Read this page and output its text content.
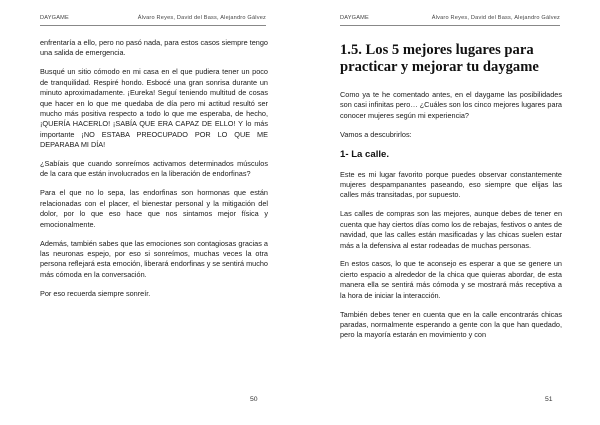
DAYGAME	Álvaro Reyes, David del Bass, Alejandro Gálvez

enfrentaría a ello, pero no pasó nada, para estos casos siempre tengo una salida de emergencia.

Busqué un sitio cómodo en mi casa en el que pudiera tener un poco de tranquilidad. Respiré hondo. Esbocé una gran sonrisa durante un minuto aproximadamente. ¡Eureka! Seguí teniendo multitud de cosas que hacer en lo que me quedaba de día pero mi actitud resultó ser mucho más positiva respecto a todo lo que me esperaba, de hecho, ¡QUERÍA HACERLO! ¡SABÍA QUE ERA CAPAZ DE ELLO! Y lo más importante ¡NO ESTABA PREOCUPADO POR LO QUE ME DEPARABA MI DÍA!

¿Sabíais que cuando sonreímos activamos determinados músculos de la cara que están involucrados en la liberación de endorfinas?

Para el que no lo sepa, las endorfinas son hormonas que están relacionadas con el placer, el bienestar personal y la mitigación del dolor, por lo que eso hace que nos sintamos mejor física y emocionalmente.

Además, también sabes que las emociones son contagiosas gracias a las neuronas espejo, por eso si sonreímos, muchas veces la otra persona reflejará esta emoción, liberará endorfinas y se sentirá mucho más cómoda en la conversación.

Por eso recuerda siempre sonreír.

50
DAYGAME	Álvaro Reyes, David del Bass, Alejandro Gálvez
1.5. Los 5 mejores lugares para practicar y mejorar tu daygame

Como ya te he comentado antes, en el daygame las posibilidades son casi infinitas pero… ¿Cuáles son los cinco mejores lugares para conocer mujeres según mi experiencia?

Vamos a descubrirlos:

1- La calle.

Este es mi lugar favorito porque puedes observar constantemente mujeres despampanantes paseando, eso siempre que elijas las calles más transitadas, por supuesto.

Las calles de compras son las mejores, aunque debes de tener en cuenta que hay ciertos días como los de rebajas, festivos o antes de navidad, que las calles están masificadas y las chicas suelen estar más a la defensiva al estar rodeadas de muchas personas.

En estos casos, lo que te aconsejo es esperar a que se genere un cierto espacio a alrededor de la chica que quieras abordar, de esta manera ella se sentirá más cómoda y se mostrará más receptiva a la hora de iniciar la interacción.

También debes tener en cuenta que en la calle encontrarás chicas paradas, normalmente esperando a gente con la que han quedado, pero la mayoría estarán en movimiento y con

51
